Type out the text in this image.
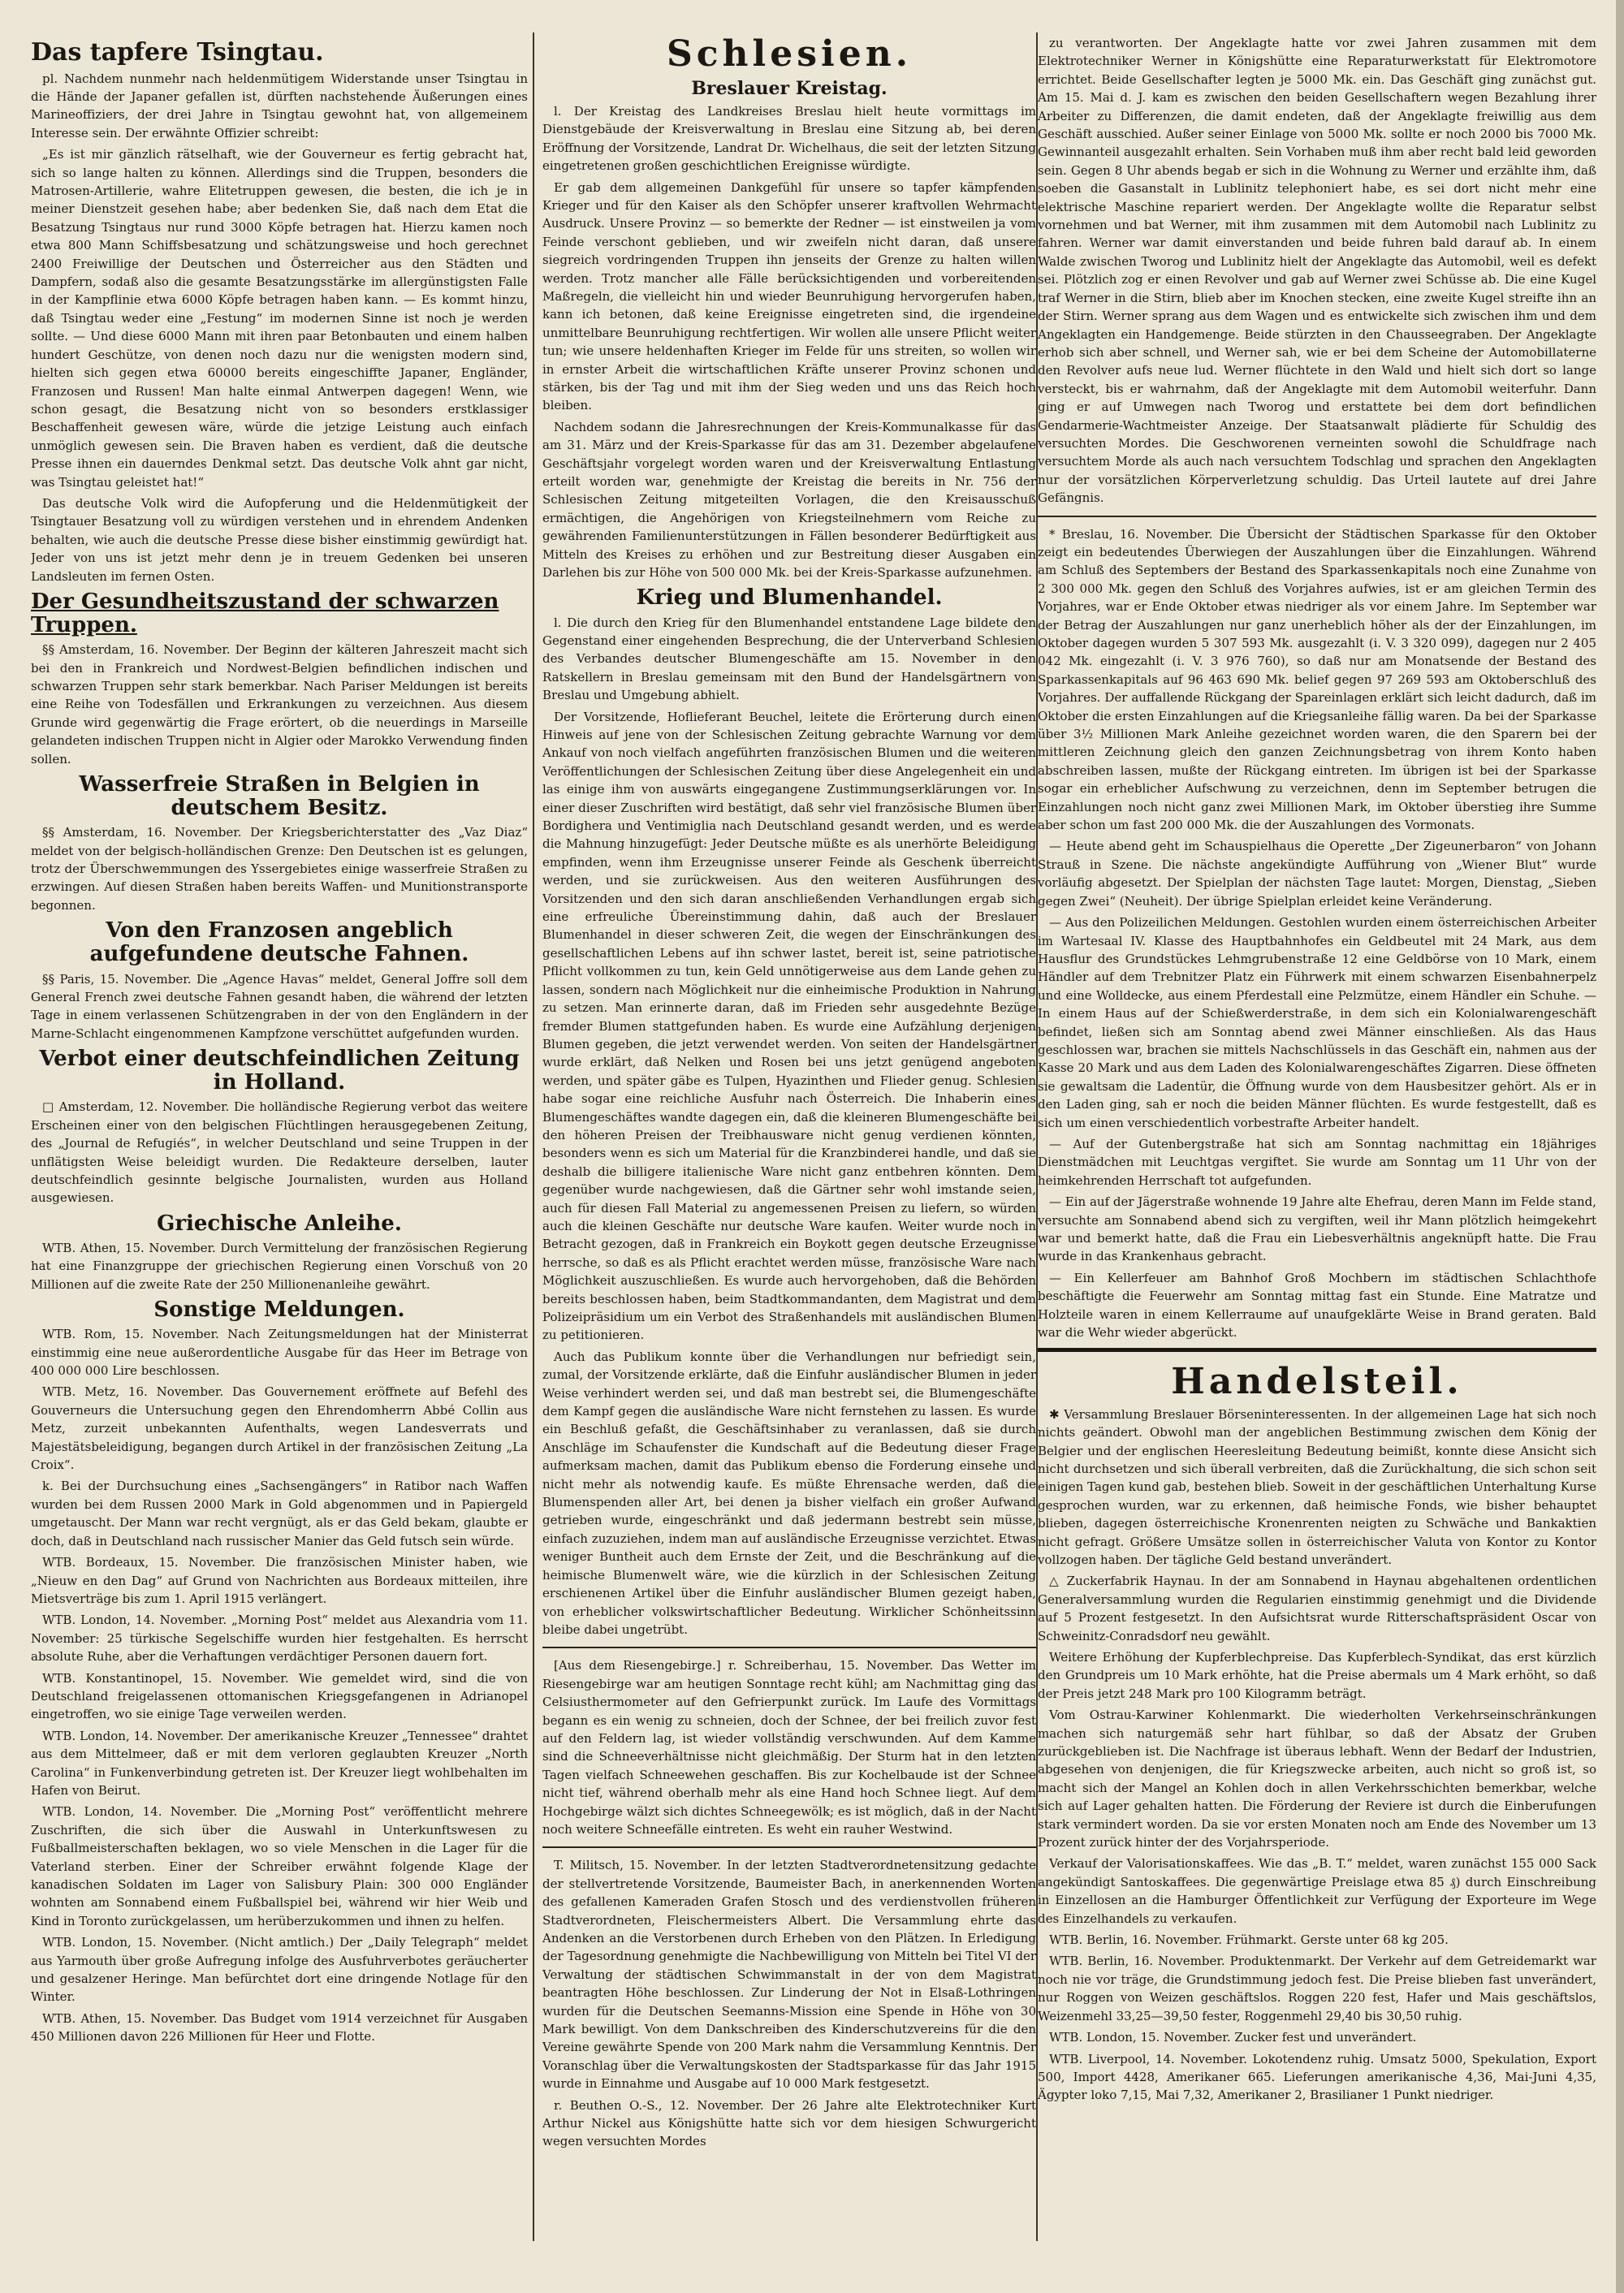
Das tapfere Tsingtau.

pl. Nachdem nunmehr nach heldenmütigem Widerstande unser Tsingtau in die Hände der Japaner gefallen ist, dürften nachstehende Äußerungen eines Marineoffiziers, der drei Jahre in Tsingtau gewohnt hat, von allgemeinem Interesse sein. Der erwähnte Offizier schreibt:

„Es ist mir gänzlich rätselhaft, wie der Gouverneur es fertig gebracht hat, sich so lange halten zu können. Allerdings sind die Truppen, besonders die Matrosen-Artillerie, wahre Elitetruppen gewesen, die besten, die ich je in meiner Dienstzeit gesehen habe; aber bedenken Sie, daß nach dem Etat die Besatzung Tsingtaus nur rund 3000 Köpfe betragen hat. Hierzu kamen noch etwa 800 Mann Schiffsbesatzung und schätzungsweise und hoch gerechnet 2400 Freiwillige der Deutschen und Österreicher aus den Städten und Dampfern, sodaß also die gesamte Besatzungsstärke im allergünstigsten Falle in der Kampflinie etwa 6000 Köpfe betragen haben kann. — Es kommt hinzu, daß Tsingtau weder eine „Festung“ im modernen Sinne ist noch je werden sollte. — Und diese 6000 Mann mit ihren paar Betonbauten und einem halben hundert Geschütze, von denen noch dazu nur die wenigsten modern sind, hielten sich gegen etwa 60000 bereits eingeschiffte Japaner, Engländer, Franzosen und Russen! Man halte einmal Antwerpen dagegen! Wenn, wie schon gesagt, die Besatzung nicht von so besonders erstklassiger Beschaffenheit gewesen wäre, würde die jetzige Leistung auch einfach unmöglich gewesen sein. Die Braven haben es verdient, daß die deutsche Presse ihnen ein dauerndes Denkmal setzt. Das deutsche Volk ahnt gar nicht, was Tsingtau geleistet hat!“

Das deutsche Volk wird die Aufopferung und die Heldenmütigkeit der Tsingtauer Besatzung voll zu würdigen verstehen und in ehrendem Andenken behalten, wie auch die deutsche Presse diese bisher einstimmig gewürdigt hat. Jeder von uns ist jetzt mehr denn je in treuem Gedenken bei unseren Landsleuten im fernen Osten.

Der Gesundheitszustand der schwarzen Truppen.

§§ Amsterdam, 16. November. Der Beginn der kälteren Jahreszeit macht sich bei den in Frankreich und Nordwest-Belgien befindlichen indischen und schwarzen Truppen sehr stark bemerkbar. Nach Pariser Meldungen ist bereits eine Reihe von Todesfällen und Erkrankungen zu verzeichnen. Aus diesem Grunde wird gegenwärtig die Frage erörtert, ob die neuerdings in Marseille gelandeten indischen Truppen nicht in Algier oder Marokko Verwendung finden sollen.

Wasserfreie Straßen in Belgien in deutschem Besitz.

§§ Amsterdam, 16. November. Der Kriegsberichterstatter des „Vaz Diaz“ meldet von der belgisch-holländischen Grenze: Den Deutschen ist es gelungen, trotz der Überschwemmungen des Yssergebietes einige wasserfreie Straßen zu erzwingen. Auf diesen Straßen haben bereits Waffen- und Munitionstransporte begonnen.

Von den Franzosen angeblich aufgefundene deutsche Fahnen.

§§ Paris, 15. November. Die „Agence Havas“ meldet, General Joffre soll dem General French zwei deutsche Fahnen gesandt haben, die während der letzten Tage in einem verlassenen Schützengraben in der von den Engländern in der Marne-Schlacht eingenommenen Kampfzone verschüttet aufgefunden wurden.

Verbot einer deutschfeindlichen Zeitung in Holland.

□ Amsterdam, 12. November. Die holländische Regierung verbot das weitere Erscheinen einer von den belgischen Flüchtlingen herausgegebenen Zeitung, des „Journal de Refugiés“, in welcher Deutschland und seine Truppen in der unflätigsten Weise beleidigt wurden. Die Redakteure derselben, lauter deutschfeindlich gesinnte belgische Journalisten, wurden aus Holland ausgewiesen.

Griechische Anleihe.

WTB. Athen, 15. November. Durch Vermittelung der französischen Regierung hat eine Finanzgruppe der griechischen Regierung einen Vorschuß von 20 Millionen auf die zweite Rate der 250 Millionenanleihe gewährt.

Sonstige Meldungen.

WTB. Rom, 15. November. Nach Zeitungsmeldungen hat der Ministerrat einstimmig eine neue außerordentliche Ausgabe für das Heer im Betrage von 400 000 000 Lire beschlossen.

WTB. Metz, 16. November. Das Gouvernement eröffnete auf Befehl des Gouverneurs die Untersuchung gegen den Ehrendomherrn Abbé Collin aus Metz, zurzeit unbekannten Aufenthalts, wegen Landesverrats und Majestätsbeleidigung, begangen durch Artikel in der französischen Zeitung „La Croix“.

k. Bei der Durchsuchung eines „Sachsengängers“ in Ratibor nach Waffen wurden bei dem Russen 2000 Mark in Gold abgenommen und in Papiergeld umgetauscht. Der Mann war recht vergnügt, als er das Geld bekam, glaubte er doch, daß in Deutschland nach russischer Manier das Geld futsch sein würde.

WTB. Bordeaux, 15. November. Die französischen Minister haben, wie „Nieuw en den Dag“ auf Grund von Nachrichten aus Bordeaux mitteilen, ihre Mietsverträge bis zum 1. April 1915 verlängert.

WTB. London, 14. November. „Morning Post“ meldet aus Alexandria vom 11. November: 25 türkische Segelschiffe wurden hier festgehalten. Es herrscht absolute Ruhe, aber die Verhaftungen verdächtiger Personen dauern fort.

WTB. Konstantinopel, 15. November. Wie gemeldet wird, sind die von Deutschland freigelassenen ottomanischen Kriegsgefangenen in Adrianopel eingetroffen, wo sie einige Tage verweilen werden.

WTB. London, 14. November. Der amerikanische Kreuzer „Tennessee“ drahtet aus dem Mittelmeer, daß er mit dem verloren geglaubten Kreuzer „North Carolina“ in Funkenverbindung getreten ist. Der Kreuzer liegt wohlbehalten im Hafen von Beirut.

WTB. London, 14. November. Die „Morning Post“ veröffentlicht mehrere Zuschriften, die sich über die Auswahl in Unterkunftswesen zu Fußballmeisterschaften beklagen, wo so viele Menschen in die Lager für die Vaterland sterben. Einer der Schreiber erwähnt folgende Klage der kanadischen Soldaten im Lager von Salisbury Plain: 300 000 Engländer wohnten am Sonnabend einem Fußballspiel bei, während wir hier Weib und Kind in Toronto zurückgelassen, um herüberzukommen und ihnen zu helfen.

WTB. London, 15. November. (Nicht amtlich.) Der „Daily Telegraph“ meldet aus Yarmouth über große Aufregung infolge des Ausfuhrverbotes geräucherter und gesalzener Heringe. Man befürchtet dort eine dringende Notlage für den Winter.

WTB. Athen, 15. November. Das Budget vom 1914 verzeichnet für Ausgaben 450 Millionen davon 226 Millionen für Heer und Flotte.

Schlesien.
Breslauer Kreistag.

l. Der Kreistag des Landkreises Breslau hielt heute vormittags im Dienstgebäude der Kreisverwaltung in Breslau eine Sitzung ab, bei deren Eröffnung der Vorsitzende, Landrat Dr. Wichelhaus, die seit der letzten Sitzung eingetretenen großen geschichtlichen Ereignisse würdigte.

Er gab dem allgemeinen Dankgefühl für unsere so tapfer kämpfenden Krieger und für den Kaiser als den Schöpfer unserer kraftvollen Wehrmacht Ausdruck. Unsere Provinz — so bemerkte der Redner — ist einstweilen ja vom Feinde verschont geblieben, und wir zweifeln nicht daran, daß unsere siegreich vordringenden Truppen ihn jenseits der Grenze zu halten willen werden. Trotz mancher alle Fälle berücksichtigenden und vorbereitenden Maßregeln, die vielleicht hin und wieder Beunruhigung hervorgerufen haben, kann ich betonen, daß keine Ereignisse eingetreten sind, die irgendeine unmittelbare Beunruhigung rechtfertigen. Wir wollen alle unsere Pflicht weiter tun; wie unsere heldenhaften Krieger im Felde für uns streiten, so wollen wir in ernster Arbeit die wirtschaftlichen Kräfte unserer Provinz schonen und stärken, bis der Tag und mit ihm der Sieg weden und uns das Reich hoch bleiben.

Nachdem sodann die Jahresrechnungen der Kreis-Kommunalkasse für das am 31. März und der Kreis-Sparkasse für das am 31. Dezember abgelaufene Geschäftsjahr vorgelegt worden waren und der Kreisverwaltung Entlastung erteilt worden war, genehmigte der Kreistag die bereits in Nr. 756 der Schlesischen Zeitung mitgeteilten Vorlagen, die den Kreisausschuß ermächtigen, die Angehörigen von Kriegsteilnehmern vom Reiche zu gewährenden Familienunterstützungen in Fällen besonderer Bedürftigkeit aus Mitteln des Kreises zu erhöhen und zur Bestreitung dieser Ausgaben ein Darlehen bis zur Höhe von 500 000 Mk. bei der Kreis-Sparkasse aufzunehmen.

Krieg und Blumenhandel.

l. Die durch den Krieg für den Blumenhandel entstandene Lage bildete den Gegenstand einer eingehenden Besprechung, die der Unterverband Schlesien des Verbandes deutscher Blumengeschäfte am 15. November in den Ratskellern in Breslau gemeinsam mit den Bund der Handelsgärtnern von Breslau und Umgebung abhielt.

Der Vorsitzende, Hoflieferant Beuchel, leitete die Erörterung durch einen Hinweis auf jene von der Schlesischen Zeitung gebrachte Warnung vor dem Ankauf von noch vielfach angeführten französischen Blumen und die weiteren Veröffentlichungen der Schlesischen Zeitung über diese Angelegenheit ein und las einige ihm von auswärts eingegangene Zustimmungserklärungen vor. In einer dieser Zuschriften wird bestätigt, daß sehr viel französische Blumen über Bordighera und Ventimiglia nach Deutschland gesandt werden, und es werde die Mahnung hinzugefügt: Jeder Deutsche müßte es als unerhörte Beleidigung empfinden, wenn ihm Erzeugnisse unserer Feinde als Geschenk überreicht werden, und sie zurückweisen. Aus den weiteren Ausführungen des Vorsitzenden und den sich daran anschließenden Verhandlungen ergab sich eine erfreuliche Übereinstimmung dahin, daß auch der Breslauer Blumenhandel in dieser schweren Zeit, die wegen der Einschränkungen des gesellschaftlichen Lebens auf ihn schwer lastet, bereit ist, seine patriotische Pflicht vollkommen zu tun, kein Geld unnötigerweise aus dem Lande gehen zu lassen, sondern nach Möglichkeit nur die einheimische Produktion in Nahrung zu setzen. Man erinnerte daran, daß im Frieden sehr ausgedehnte Bezüge fremder Blumen stattgefunden haben. Es wurde eine Aufzählung derjenigen Blumen gegeben, die jetzt verwendet werden. Von seiten der Handelsgärtner wurde erklärt, daß Nelken und Rosen bei uns jetzt genügend angeboten werden, und später gäbe es Tulpen, Hyazinthen und Flieder genug. Schlesien habe sogar eine reichliche Ausfuhr nach Österreich. Die Inhaberin eines Blumengeschäftes wandte dagegen ein, daß die kleineren Blumengeschäfte bei den höheren Preisen der Treibhausware nicht genug verdienen könnten, besonders wenn es sich um Material für die Kranzbinderei handle, und daß sie deshalb die billigere italienische Ware nicht ganz entbehren könnten. Dem gegenüber wurde nachgewiesen, daß die Gärtner sehr wohl imstande seien, auch für diesen Fall Material zu angemessenen Preisen zu liefern, so würden auch die kleinen Geschäfte nur deutsche Ware kaufen. Weiter wurde noch in Betracht gezogen, daß in Frankreich ein Boykott gegen deutsche Erzeugnisse herrsche, so daß es als Pflicht erachtet werden müsse, französische Ware nach Möglichkeit auszuschließen. Es wurde auch hervorgehoben, daß die Behörden bereits beschlossen haben, beim Stadtkommandanten, dem Magistrat und dem Polizeipräsidium um ein Verbot des Straßenhandels mit ausländischen Blumen zu petitionieren.

Auch das Publikum konnte über die Verhandlungen nur befriedigt sein, zumal, der Vorsitzende erklärte, daß die Einfuhr ausländischer Blumen in jeder Weise verhindert werden sei, und daß man bestrebt sei, die Blumengeschäfte dem Kampf gegen die ausländische Ware nicht fernstehen zu lassen. Es wurde ein Beschluß gefaßt, die Geschäftsinhaber zu veranlassen, daß sie durch Anschläge im Schaufenster die Kundschaft auf die Bedeutung dieser Frage aufmerksam machen, damit das Publikum ebenso die Forderung einsehe und nicht mehr als notwendig kaufe. Es müßte Ehrensache werden, daß die Blumenspenden aller Art, bei denen ja bisher vielfach ein großer Aufwand getrieben wurde, eingeschränkt und daß jedermann bestrebt sein müsse, einfach zuzuziehen, indem man auf ausländische Erzeugnisse verzichtet. Etwas weniger Buntheit auch dem Ernste der Zeit, und die Beschränkung auf die heimische Blumenwelt wäre, wie die kürzlich in der Schlesischen Zeitung erschienenen Artikel über die Einfuhr ausländischer Blumen gezeigt haben, von erheblicher volkswirtschaftlicher Bedeutung. Wirklicher Schönheitssinn bleibe dabei ungetrübt.

[Aus dem Riesengebirge.] r. Schreiberhau, 15. November. Das Wetter im Riesengebirge war am heutigen Sonntage recht kühl; am Nachmittag ging das Celsiusthermometer auf den Gefrierpunkt zurück. Im Laufe des Vormittags begann es ein wenig zu schneien, doch der Schnee, der bei freilich zuvor fest auf den Feldern lag, ist wieder vollständig verschwunden. Auf dem Kamme sind die Schneeverhältnisse nicht gleichmäßig. Der Sturm hat in den letzten Tagen vielfach Schneewehen geschaffen. Bis zur Kochelbaude ist der Schnee nicht tief, während oberhalb mehr als eine Hand hoch Schnee liegt. Auf dem Hochgebirge wälzt sich dichtes Schneegewölk; es ist möglich, daß in der Nacht noch weitere Schneefälle eintreten. Es weht ein rauher Westwind.

T. Militsch, 15. November. In der letzten Stadtverordnetensitzung gedachte der stellvertretende Vorsitzende, Baumeister Bach, in anerkennenden Worten des gefallenen Kameraden Grafen Stosch und des verdienstvollen früheren Stadtverordneten, Fleischermeisters Albert. Die Versammlung ehrte das Andenken an die Verstorbenen durch Erheben von den Plätzen. In Erledigung der Tagesordnung genehmigte die Nachbewilligung von Mitteln bei Titel VI der Verwaltung der städtischen Schwimmanstalt in der von dem Magistrat beantragten Höhe beschlossen. Zur Linderung der Not in Elsaß-Lothringen wurden für die Deutschen Seemanns-Mission eine Spende in Höhe von 30 Mark bewilligt. Von dem Dankschreiben des Kinderschutzvereins für die den Vereine gewährte Spende von 200 Mark nahm die Versammlung Kenntnis. Der Voranschlag über die Verwaltungskosten der Stadtsparkasse für das Jahr 1915 wurde in Einnahme und Ausgabe auf 10 000 Mark festgesetzt.

r. Beuthen O.-S., 12. November. Der 26 Jahre alte Elektrotechniker Kurt Arthur Nickel aus Königshütte hatte sich vor dem hiesigen Schwurgericht wegen versuchten Mordes

zu verantworten. Der Angeklagte hatte vor zwei Jahren zusammen mit dem Elektrotechniker Werner in Königshütte eine Reparaturwerkstatt für Elektromotore errichtet. Beide Gesellschafter legten je 5000 Mk. ein. Das Geschäft ging zunächst gut. Am 15. Mai d. J. kam es zwischen den beiden Gesellschaftern wegen Bezahlung ihrer Arbeiter zu Differenzen, die damit endeten, daß der Angeklagte freiwillig aus dem Geschäft ausschied. Außer seiner Einlage von 5000 Mk. sollte er noch 2000 bis 7000 Mk. Gewinnanteil ausgezahlt erhalten. Sein Vorhaben muß ihm aber recht bald leid geworden sein. Gegen 8 Uhr abends begab er sich in die Wohnung zu Werner und erzählte ihm, daß soeben die Gasanstalt in Lublinitz telephoniert habe, es sei dort nicht mehr eine elektrische Maschine repariert werden. Der Angeklagte wollte die Reparatur selbst vornehmen und bat Werner, mit ihm zusammen mit dem Automobil nach Lublinitz zu fahren. Werner war damit einverstanden und beide fuhren bald darauf ab. In einem Walde zwischen Tworog und Lublinitz hielt der Angeklagte das Automobil, weil es defekt sei. Plötzlich zog er einen Revolver und gab auf Werner zwei Schüsse ab. Die eine Kugel traf Werner in die Stirn, blieb aber im Knochen stecken, eine zweite Kugel streifte ihn an der Stirn. Werner sprang aus dem Wagen und es entwickelte sich zwischen ihm und dem Angeklagten ein Handgemenge. Beide stürzten in den Chausseegraben. Der Angeklagte erhob sich aber schnell, und Werner sah, wie er bei dem Scheine der Automobillaterne den Revolver aufs neue lud. Werner flüchtete in den Wald und hielt sich dort so lange versteckt, bis er wahrnahm, daß der Angeklagte mit dem Automobil weiterfuhr. Dann ging er auf Umwegen nach Tworog und erstattete bei dem dort befindlichen Gendarmerie-Wachtmeister Anzeige. Der Staatsanwalt plädierte für Schuldig des versuchten Mordes. Die Geschworenen verneinten sowohl die Schuldfrage nach versuchtem Morde als auch nach versuchtem Todschlag und sprachen den Angeklagten nur der vorsätzlichen Körperverletzung schuldig. Das Urteil lautete auf drei Jahre Gefängnis.

* Breslau, 16. November. Die Übersicht der Städtischen Sparkasse für den Oktober zeigt ein bedeutendes Überwiegen der Auszahlungen über die Einzahlungen. Während am Schluß des Septembers der Bestand des Sparkassenkapitals noch eine Zunahme von 2 300 000 Mk. gegen den Schluß des Vorjahres aufwies, ist er am gleichen Termin des Vorjahres, war er Ende Oktober etwas niedriger als vor einem Jahre. Im September war der Betrag der Auszahlungen nur ganz unerheblich höher als der der Einzahlungen, im Oktober dagegen wurden 5 307 593 Mk. ausgezahlt (i. V. 3 320 099), dagegen nur 2 405 042 Mk. eingezahlt (i. V. 3 976 760), so daß nur am Monatsende der Bestand des Sparkassenkapitals auf 96 463 690 Mk. belief gegen 97 269 593 am Oktoberschluß des Vorjahres. Der auffallende Rückgang der Spareinlagen erklärt sich leicht dadurch, daß im Oktober die ersten Einzahlungen auf die Kriegsanleihe fällig waren. Da bei der Sparkasse über 3½ Millionen Mark Anleihe gezeichnet worden waren, die den Sparern bei der mittleren Zeichnung gleich den ganzen Zeichnungsbetrag von ihrem Konto haben abschreiben lassen, mußte der Rückgang eintreten. Im übrigen ist bei der Sparkasse sogar ein erheblicher Aufschwung zu verzeichnen, denn im September betrugen die Einzahlungen noch nicht ganz zwei Millionen Mark, im Oktober überstieg ihre Summe aber schon um fast 200 000 Mk. die der Auszahlungen des Vormonats.

— Heute abend geht im Schauspielhaus die Operette „Der Zigeunerbaron“ von Johann Strauß in Szene. Die nächste angekündigte Aufführung von „Wiener Blut“ wurde vorläufig abgesetzt. Der Spielplan der nächsten Tage lautet: Morgen, Dienstag, „Sieben gegen Zwei“ (Neuheit). Der übrige Spielplan erleidet keine Veränderung.

— Aus den Polizeilichen Meldungen. Gestohlen wurden einem österreichischen Arbeiter im Wartesaal IV. Klasse des Hauptbahnhofes ein Geldbeutel mit 24 Mark, aus dem Hausflur des Grundstückes Lehmgrubenstraße 12 eine Geldbörse von 10 Mark, einem Händler auf dem Trebnitzer Platz ein Führwerk mit einem schwarzen Eisenbahnerpelz und eine Wolldecke, aus einem Pferdestall eine Pelzmütze, einem Händler ein Schuhe. — In einem Haus auf der Schießwerderstraße, in dem sich ein Kolonialwarengeschäft befindet, ließen sich am Sonntag abend zwei Männer einschließen. Als das Haus geschlossen war, brachen sie mittels Nachschlüssels in das Geschäft ein, nahmen aus der Kasse 20 Mark und aus dem Laden des Kolonialwarengeschäftes Zigarren. Diese öffneten sie gewaltsam die Ladentür, die Öffnung wurde von dem Hausbesitzer gehört. Als er in den Laden ging, sah er noch die beiden Männer flüchten. Es wurde festgestellt, daß es sich um einen verschiedentlich vorbestrafte Arbeiter handelt.

— Auf der Gutenbergstraße hat sich am Sonntag nachmittag ein 18jähriges Dienstmädchen mit Leuchtgas vergiftet. Sie wurde am Sonntag um 11 Uhr von der heimkehrenden Herrschaft tot aufgefunden.

— Ein auf der Jägerstraße wohnende 19 Jahre alte Ehefrau, deren Mann im Felde stand, versuchte am Sonnabend abend sich zu vergiften, weil ihr Mann plötzlich heimgekehrt war und bemerkt hatte, daß die Frau ein Liebesverhältnis angeknüpft hatte. Die Frau wurde in das Krankenhaus gebracht.

— Ein Kellerfeuer am Bahnhof Groß Mochbern im städtischen Schlachthofe beschäftigte die Feuerwehr am Sonntag mittag fast ein Stunde. Eine Matratze und Holzteile waren in einem Kellerraume auf unaufgeklärte Weise in Brand geraten. Bald war die Wehr wieder abgerückt.

Handelsteil.

✱ Versammlung Breslauer Börseninteressenten. In der allgemeinen Lage hat sich noch nichts geändert. Obwohl man der angeblichen Bestimmung zwischen dem König der Belgier und der englischen Heeresleitung Bedeutung beimißt, konnte diese Ansicht sich nicht durchsetzen und sich überall verbreiten, daß die Zurückhaltung, die sich schon seit einigen Tagen kund gab, bestehen blieb. Soweit in der geschäftlichen Unterhaltung Kurse gesprochen wurden, war zu erkennen, daß heimische Fonds, wie bisher behauptet blieben, dagegen österreichische Kronenrenten neigten zu Schwäche und Bankaktien nicht gefragt. Größere Umsätze sollen in österreichischer Valuta von Kontor zu Kontor vollzogen haben. Der tägliche Geld bestand unverändert.

△ Zuckerfabrik Haynau. In der am Sonnabend in Haynau abgehaltenen ordentlichen Generalversammlung wurden die Regularien einstimmig genehmigt und die Dividende auf 5 Prozent festgesetzt. In den Aufsichtsrat wurde Ritterschaftspräsident Oscar von Schweinitz-Conradsdorf neu gewählt.

Weitere Erhöhung der Kupferblechpreise. Das Kupferblech-Syndikat, das erst kürzlich den Grundpreis um 10 Mark erhöhte, hat die Preise abermals um 4 Mark erhöht, so daß der Preis jetzt 248 Mark pro 100 Kilogramm beträgt.

Vom Ostrau-Karwiner Kohlenmarkt. Die wiederholten Verkehrseinschränkungen machen sich naturgemäß sehr hart fühlbar, so daß der Absatz der Gruben zurückgeblieben ist. Die Nachfrage ist überaus lebhaft. Wenn der Bedarf der Industrien, abgesehen von denjenigen, die für Kriegszwecke arbeiten, auch nicht so groß ist, so macht sich der Mangel an Kohlen doch in allen Verkehrsschichten bemerkbar, welche sich auf Lager gehalten hatten. Die Förderung der Reviere ist durch die Einberufungen stark vermindert worden. Da sie vor ersten Monaten noch am Ende des November um 13 Prozent zurück hinter der des Vorjahrsperiode.

Verkauf der Valorisationskaffees. Wie das „B. T.“ meldet, waren zunächst 155 000 Sack angekündigt Santoskaffees. Die gegenwärtige Preislage etwa 85 ₰) durch Einschreibung in Einzellosen an die Hamburger Öffentlichkeit zur Verfügung der Exporteure im Wege des Einzelhandels zu verkaufen.

WTB. Berlin, 16. November. Frühmarkt. Gerste unter 68 kg 205.

WTB. Berlin, 16. November. Produktenmarkt. Der Verkehr auf dem Getreidemarkt war noch nie vor träge, die Grundstimmung jedoch fest. Die Preise blieben fast unverändert, nur Roggen von Weizen geschäftslos. Roggen 220 fest, Hafer und Mais geschäftslos, Weizenmehl 33,25—39,50 fester, Roggenmehl 29,40 bis 30,50 ruhig.

WTB. London, 15. November. Zucker fest und unverändert.

WTB. Liverpool, 14. November. Lokotendenz ruhig. Umsatz 5000, Spekulation, Export 500, Import 4428, Amerikaner 665. Lieferungen amerikanische 4,36, Mai-Juni 4,35, Ägypter loko 7,15, Mai 7,32, Amerikaner 2, Brasilianer 1 Punkt niedriger.
